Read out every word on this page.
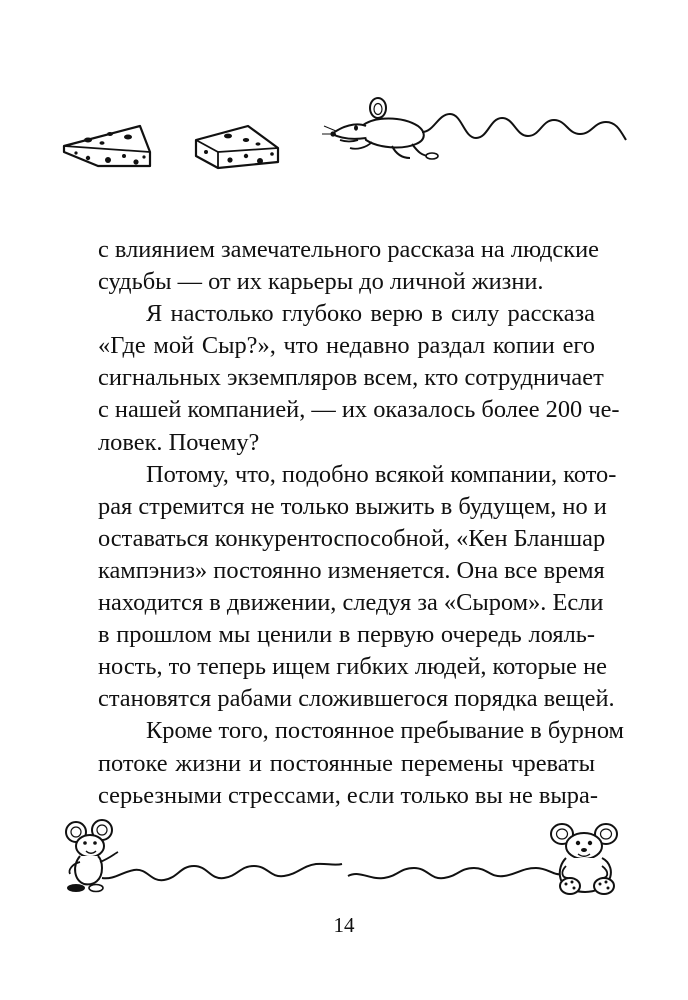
с влиянием замечательного рассказа на людские
судьбы — от их карьеры до личной жизни.

Я настолько глубоко верю в силу рассказа
«Где мой Сыр?», что недавно раздал копии его
сигнальных экземпляров всем, кто сотрудничает
с нашей компанией, — их оказалось более 200 че-
ловек. Почему?

Потому, что, подобно всякой компании, кото-
рая стремится не только выжить в будущем, но и
оставаться конкурентоспособной, «Кен Бланшар
кампэниз» постоянно изменяется. Она все время
находится в движении, следуя за «Сыром». Если
в прошлом мы ценили в первую очередь лояль-
ность, то теперь ищем гибких людей, которые не
становятся рабами сложившегося порядка вещей.

Кроме того, постоянное пребывание в бурном
потоке жизни и постоянные перемены чреваты
серьезными стрессами, если только вы не выра-

14
